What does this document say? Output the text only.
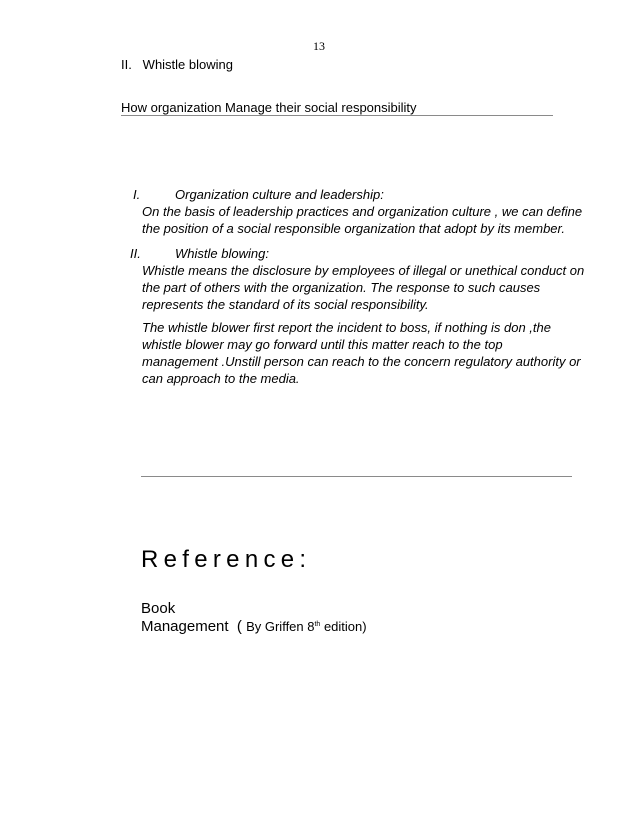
13
II.   Whistle blowing
How organization Manage their social responsibility
I.	Organization culture and leadership:
On the basis of leadership practices and organization culture , we can define
the position of a social responsible organization that adopt by its member.
II.	Whistle blowing:
Whistle means the disclosure by employees of illegal or unethical conduct on
the part of others with the organization. The response to such causes
represents the standard of its social responsibility.
The whistle blower first report the incident to boss, if nothing is don ,the
whistle blower may go forward until this matter reach to the top
management .Unstill person can reach to the concern regulatory authority or
can approach to the media.
Reference:
Book
Management ( By Griffen 8th edition)
